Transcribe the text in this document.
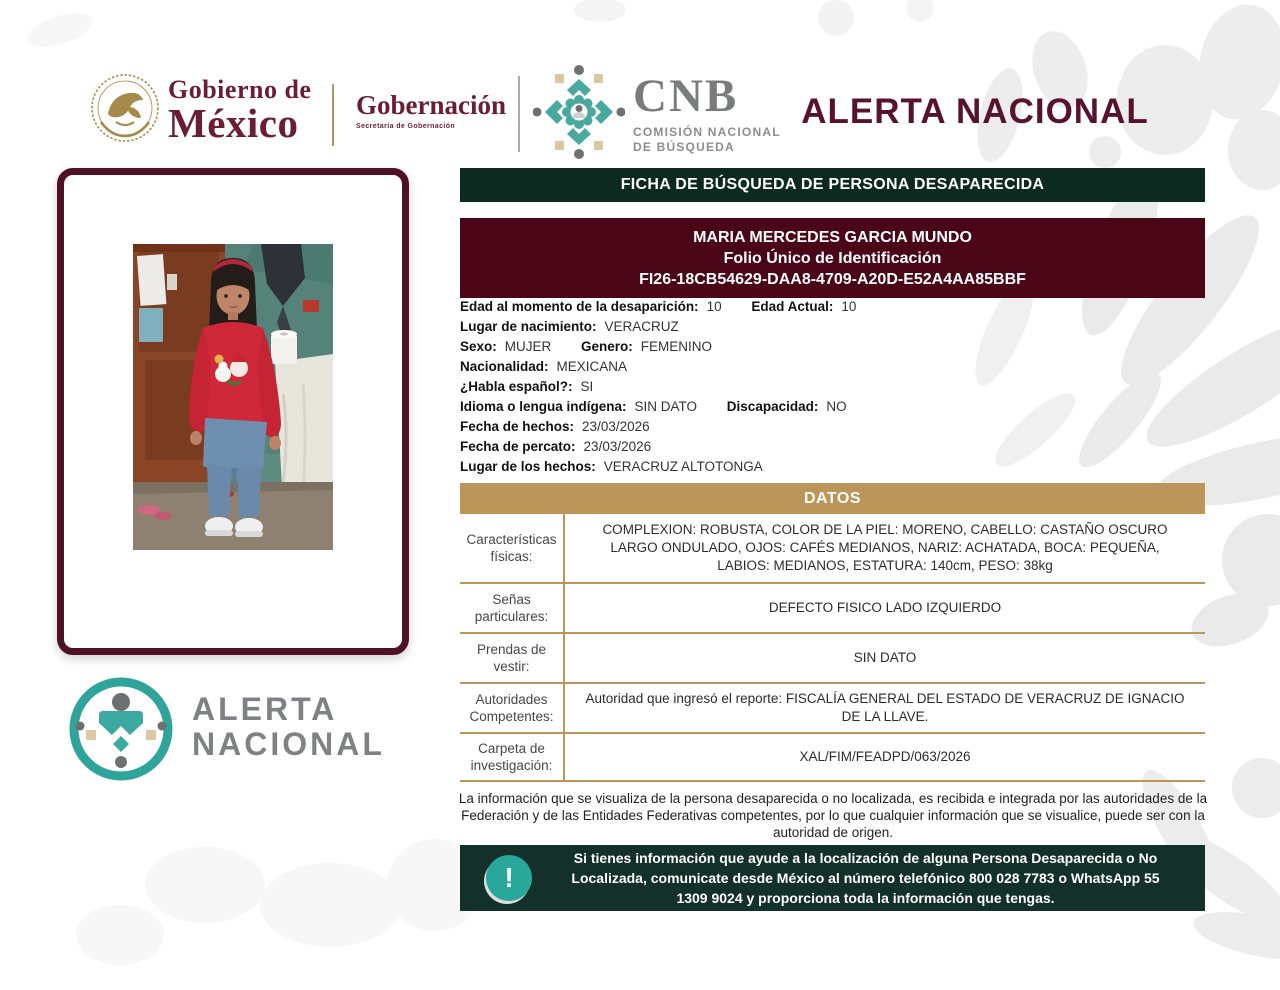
Gobierno de
México	Gobernación
Secretaría de Gobernación
CNB
COMISIÓN NACIONAL
DE BÚSQUEDA
ALERTA NACIONAL
ALERTA
NACIONAL
FICHA DE BÚSQUEDA DE PERSONA DESAPARECIDA
MARIA MERCEDES GARCIA MUNDO
Folio Único de Identificación
FI26-18CB54629-DAA8-4709-A20D-E52A4AA85BBF
Edad al momento de la desaparición: 10 Edad Actual: 10
Lugar de nacimiento: VERACRUZ
Sexo: MUJER Genero: FEMENINO
Nacionalidad: MEXICANA
¿Habla español?: SI
Idioma o lengua indígena: SIN DATO Discapacidad: NO
Fecha de hechos: 23/03/2026
Fecha de percato: 23/03/2026
Lugar de los hechos: VERACRUZ ALTOTONGA
DATOS
Características físicas:
COMPLEXION: ROBUSTA, COLOR DE LA PIEL: MORENO, CABELLO: CASTAÑO OSCURO LARGO ONDULADO, OJOS: CAFÉS MEDIANOS, NARIZ: ACHATADA, BOCA: PEQUEÑA, LABIOS: MEDIANOS, ESTATURA: 140cm, PESO: 38kg
Señas particulares:
DEFECTO FISICO LADO IZQUIERDO
Prendas de vestir:
SIN DATO
Autoridades Competentes:
Autoridad que ingresó el reporte: FISCALÍA GENERAL DEL ESTADO DE VERACRUZ DE IGNACIO DE LA LLAVE.
Carpeta de investigación:
XAL/FIM/FEADPD/063/2026
La información que se visualiza de la persona desaparecida o no localizada, es recibida e integrada por las autoridades de la Federación y de las Entidades Federativas competentes, por lo que cualquier información que se visualice, puede ser con la autoridad de origen.
!
Si tienes información que ayude a la localización de alguna Persona Desaparecida o No Localizada, comunicate desde México al número telefónico 800 028 7783 o WhatsApp 55 1309 9024 y proporciona toda la información que tengas.
